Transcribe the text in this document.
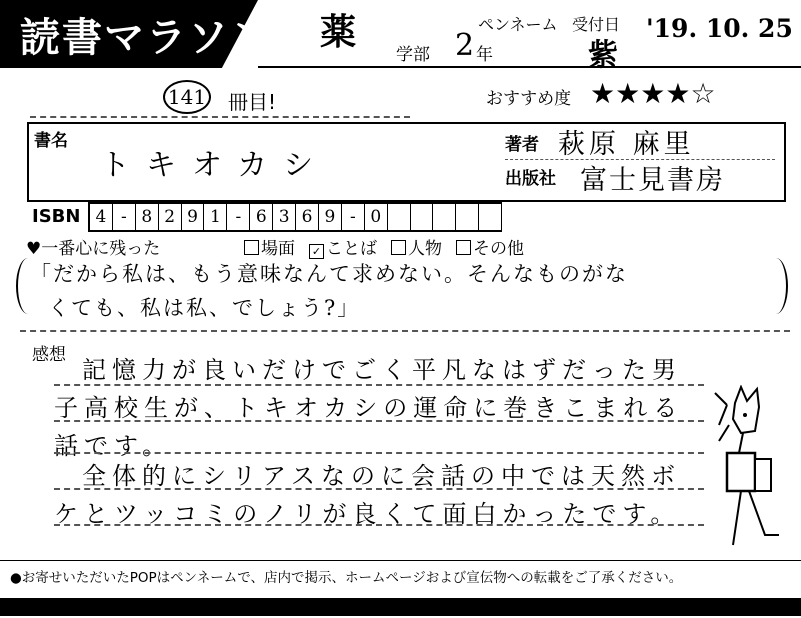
読書マラソン 薬
学部 2 年
ペンネーム 受付日
紫
'19. 10. 25
141 冊目!	おすすめ度 ★★★★☆
書名
トキオカシ
著者 萩原 麻里
出版社 富士見書房
ISBN 4 - 8 2 9 1 - 6 3 6 9 - 0
♥一番心に残った	場面 ✓ ことば 人物 その他
「だから私は、もう意味なんて求めない。そんなものがな
くても、私は私、でしょう?」
感想
記憶力が良いだけでごく平凡なはずだった男
子高校生が、トキオカシの運命に巻きこまれる
話です。
全体的にシリアスなのに会話の中では天然ボ
ケとツッコミのノリが良くて面白かったです。
●お寄せいただいたPOPはペンネームで、店内で掲示、ホームページおよび宣伝物への転載をご了承ください。
